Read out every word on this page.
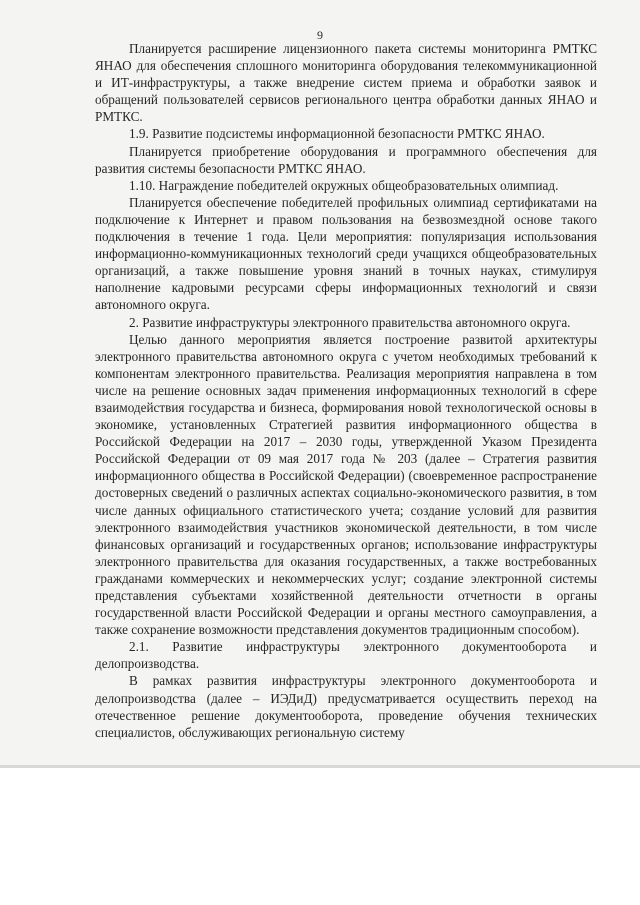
9

Планируется расширение лицензионного пакета системы мониторинга РМТКС ЯНАО для обеспечения сплошного мониторинга оборудования телекоммуникационной и ИТ-инфраструктуры, а также внедрение систем приема и обработки заявок и обращений пользователей сервисов регионального центра обработки данных ЯНАО и РМТКС.

1.9. Развитие подсистемы информационной безопасности РМТКС ЯНАО.

Планируется приобретение оборудования и программного обеспечения для развития системы безопасности РМТКС ЯНАО.

1.10. Награждение победителей окружных общеобразовательных олимпиад.

Планируется обеспечение победителей профильных олимпиад сертификатами на подключение к Интернет и правом пользования на безвозмездной основе такого подключения в течение 1 года. Цели мероприятия: популяризация использования информационно-коммуникационных технологий среди учащихся общеобразовательных организаций, а также повышение уровня знаний в точных науках, стимулируя наполнение кадровыми ресурсами сферы информационных технологий и связи автономного округа.

2. Развитие инфраструктуры электронного правительства автономного округа.

Целью данного мероприятия является построение развитой архитектуры электронного правительства автономного округа с учетом необходимых требований к компонентам электронного правительства. Реализация мероприятия направлена в том числе на решение основных задач применения информационных технологий в сфере взаимодействия государства и бизнеса, формирования новой технологической основы в экономике, установленных Стратегией развития информационного общества в Российской Федерации на 2017 – 2030 годы, утвержденной Указом Президента Российской Федерации от 09 мая 2017 года № 203 (далее – Стратегия развития информационного общества в Российской Федерации) (своевременное распространение достоверных сведений о различных аспектах социально-экономического развития, в том числе данных официального статистического учета; создание условий для развития электронного взаимодействия участников экономической деятельности, в том числе финансовых организаций и государственных органов; использование инфраструктуры электронного правительства для оказания государственных, а также востребованных гражданами коммерческих и некоммерческих услуг; создание электронной системы представления субъектами хозяйственной деятельности отчетности в органы государственной власти Российской Федерации и органы местного самоуправления, а также сохранение возможности представления документов традиционным способом).

2.1. Развитие инфраструктуры электронного документооборота и делопроизводства.

В рамках развития инфраструктуры электронного документооборота и делопроизводства (далее – ИЭДиД) предусматривается осуществить переход на отечественное решение документооборота, проведение обучения технических специалистов, обслуживающих региональную систему
